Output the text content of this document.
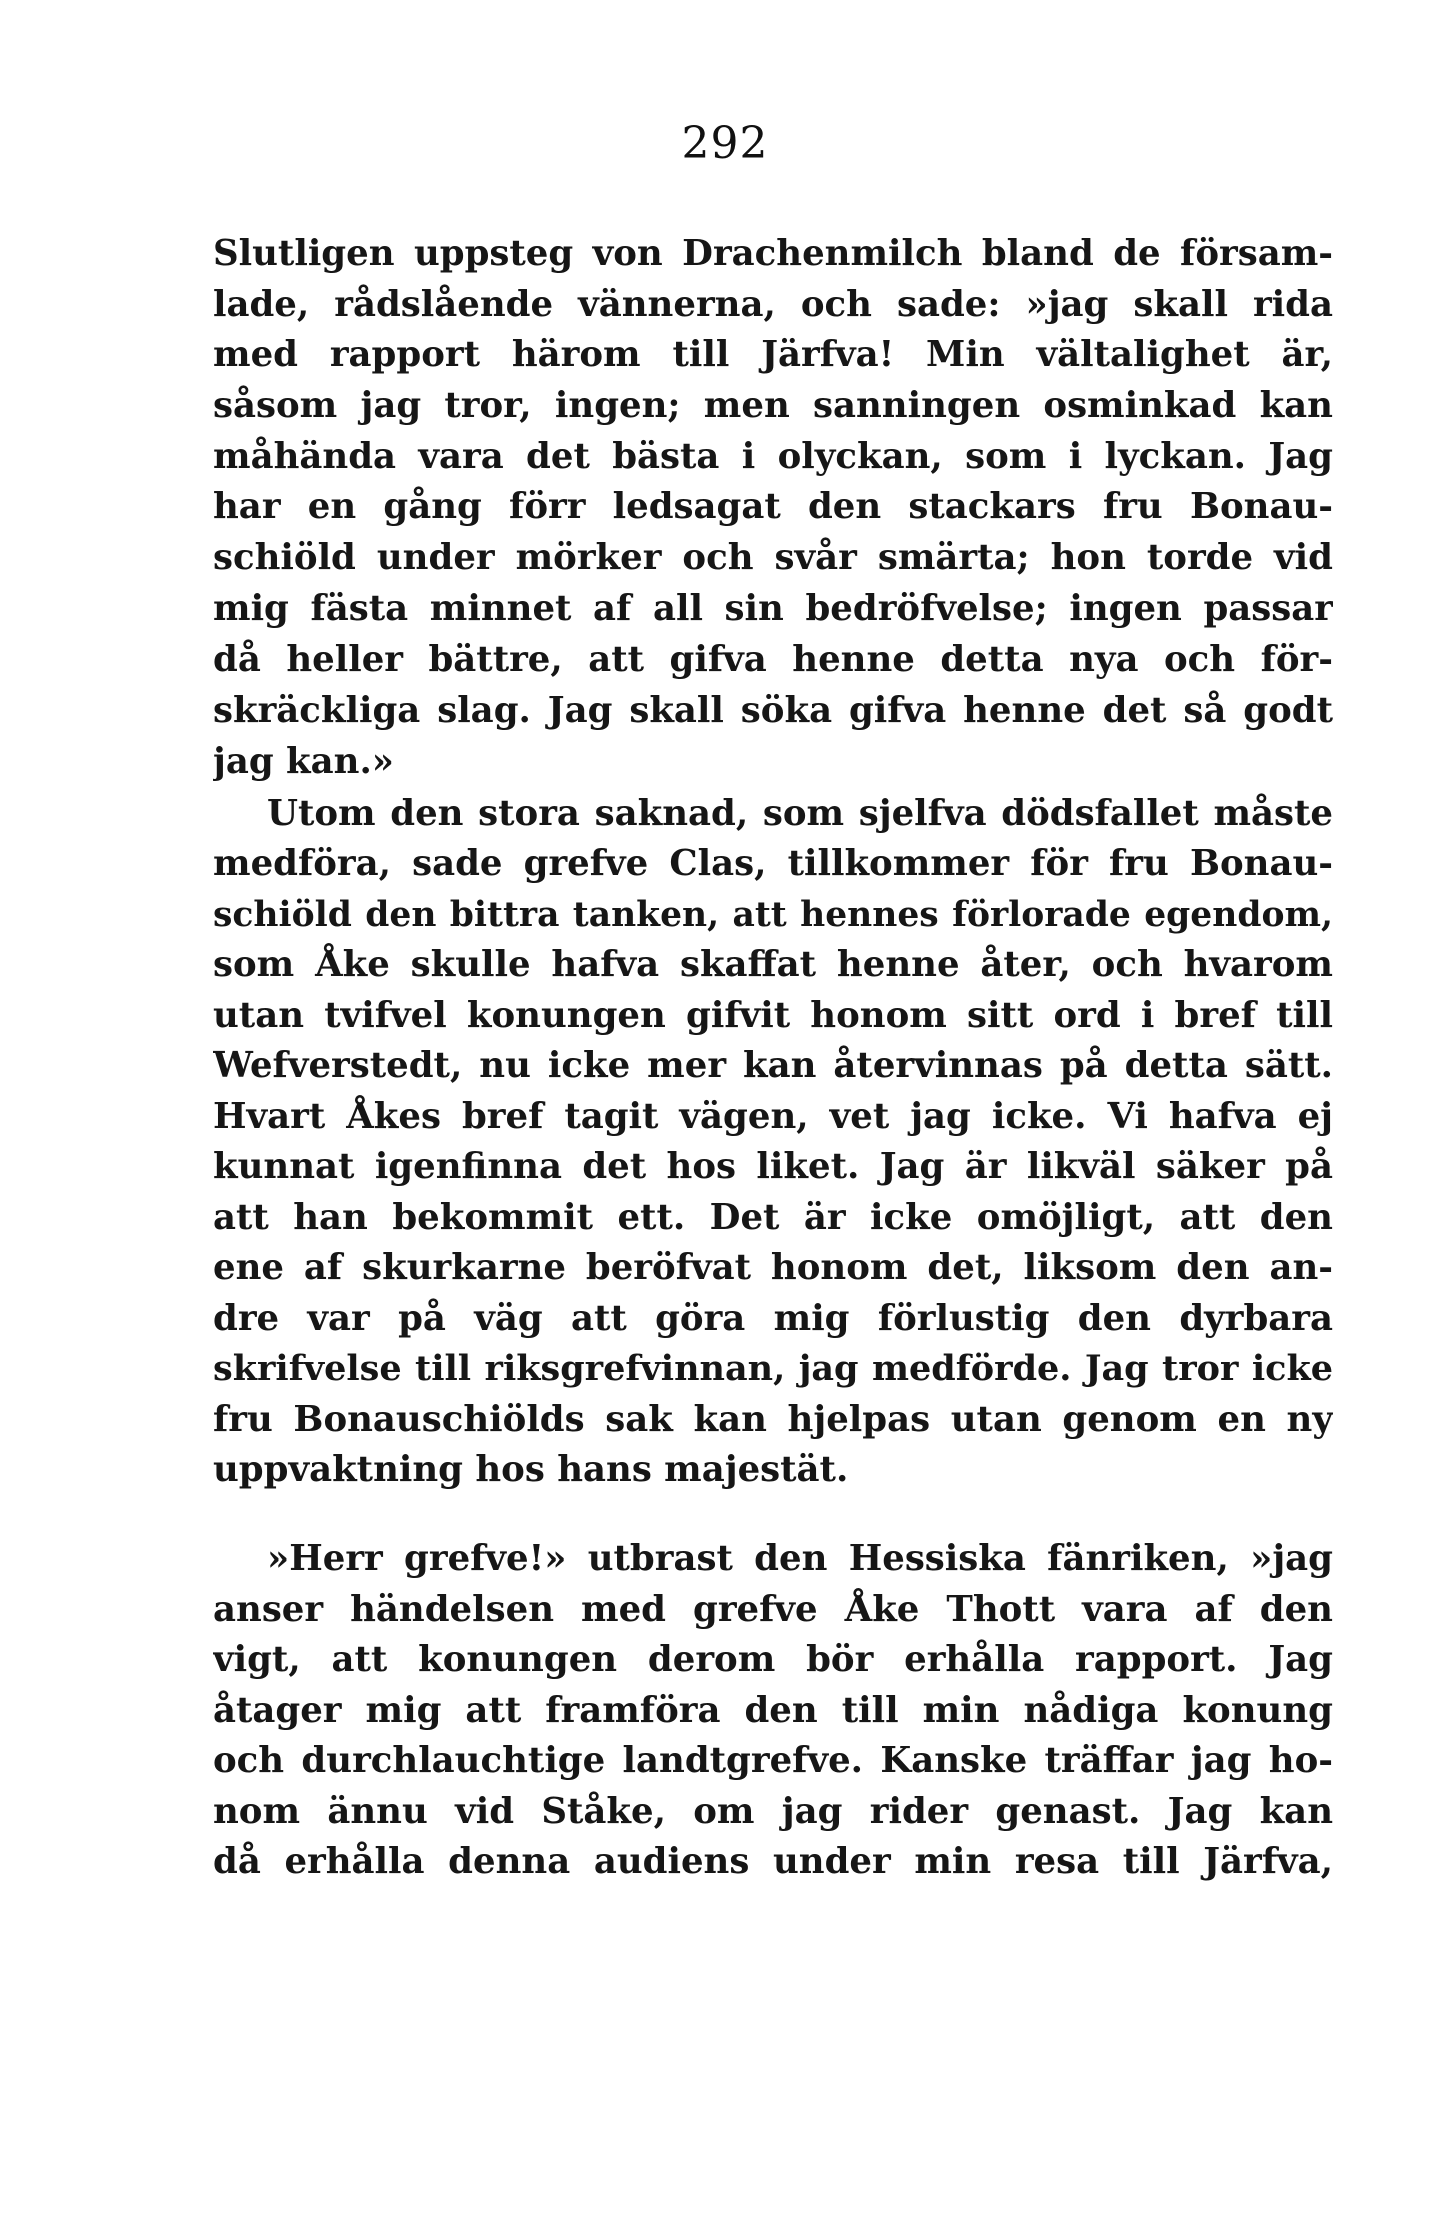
292
Slutligen uppsteg von Drachenmilch bland de försam-
lade, rådslående vännerna, och sade: »jag skall rida
med rapport härom till Järfva! Min vältalighet är,
såsom jag tror, ingen; men sanningen osminkad kan
måhända vara det bästa i olyckan, som i lyckan. Jag
har en gång förr ledsagat den stackars fru Bonau-
schiöld under mörker och svår smärta; hon torde vid
mig fästa minnet af all sin bedröfvelse; ingen passar
då heller bättre, att gifva henne detta nya och för-
skräckliga slag. Jag skall söka gifva henne det så godt
jag kan.»
Utom den stora saknad, som sjelfva dödsfallet måste
medföra, sade grefve Clas, tillkommer för fru Bonau-
schiöld den bittra tanken, att hennes förlorade egendom,
som Åke skulle hafva skaffat henne åter, och hvarom
utan tvifvel konungen gifvit honom sitt ord i bref till
Wefverstedt, nu icke mer kan återvinnas på detta sätt.
Hvart Åkes bref tagit vägen, vet jag icke. Vi hafva ej
kunnat igenfinna det hos liket. Jag är likväl säker på
att han bekommit ett. Det är icke omöjligt, att den
ene af skurkarne beröfvat honom det, liksom den an-
dre var på väg att göra mig förlustig den dyrbara
skrifvelse till riksgrefvinnan, jag medförde. Jag tror icke
fru Bonauschiölds sak kan hjelpas utan genom en ny
uppvaktning hos hans majestät.
»Herr grefve!» utbrast den Hessiska fänriken, »jag
anser händelsen med grefve Åke Thott vara af den
vigt, att konungen derom bör erhålla rapport. Jag
åtager mig att framföra den till min nådiga konung
och durchlauchtige landtgrefve. Kanske träffar jag ho-
nom ännu vid Ståke, om jag rider genast. Jag kan
då erhålla denna audiens under min resa till Järfva,
